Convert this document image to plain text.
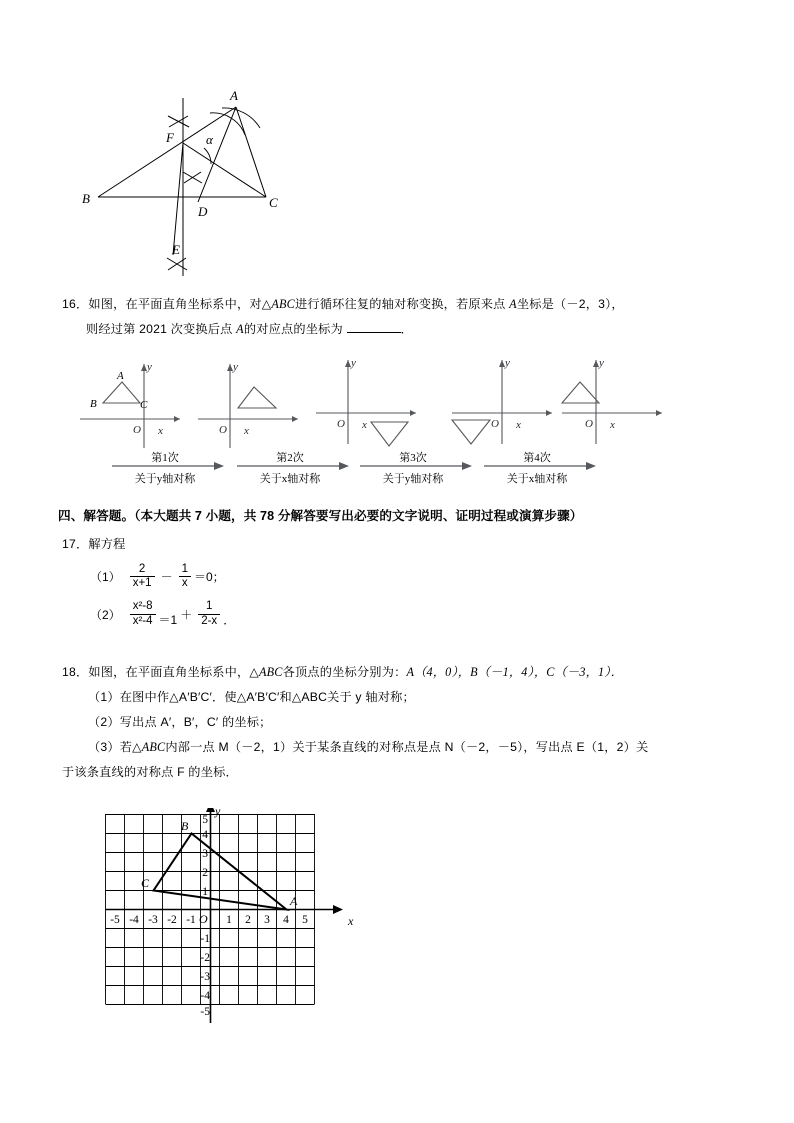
A
B	C
D
E
F α
16．如图，在平面直角坐标系中，对△ABC进行循环往复的轴对称变换，若原来点 A坐标是（－2，3），
则经过第 2021 次变换后点 A的对应点的坐标为	．
y
x
O
y
x
O
y
x
O
y
x
O
y
x
O
A
B	C
第1次
关于y轴对称
第2次
关于x轴对称
第3次
关于y轴对称
第4次
关于x轴对称
四、解答题。（本大题共 7 小题，共 78 分解答要写出必要的文字说明、证明过程或演算步骤）
17．解方程
$(1) \frac{2}{x+1} - \frac{1}{x} =0$；
$(2) \frac{\text{x²-8}}{\text{x²-4}} =1 + \frac{1}{2-x}$ ．
18．如图，在平面直角坐标系中，△ABC各顶点的坐标分别为：A（4，0），B（－1，4），C（－3，1）．
（1）在图中作△A′B′C′．使△A′B′C′和△ABC关于 y 轴对称；
（2）写出点 A′，B′，C′ 的坐标；
（3）若△ABC内部一点 M（－2，1）关于某条直线的对称点是点 N（－2，－5），写出点 E（1，2）关
于该条直线的对称点 F 的坐标．
A
B
C
O	x
y
-5 -4 -3 -2 -1	1 2 3 4 5
5
4
3
2
1
-1
-2
-3
-4
-5
